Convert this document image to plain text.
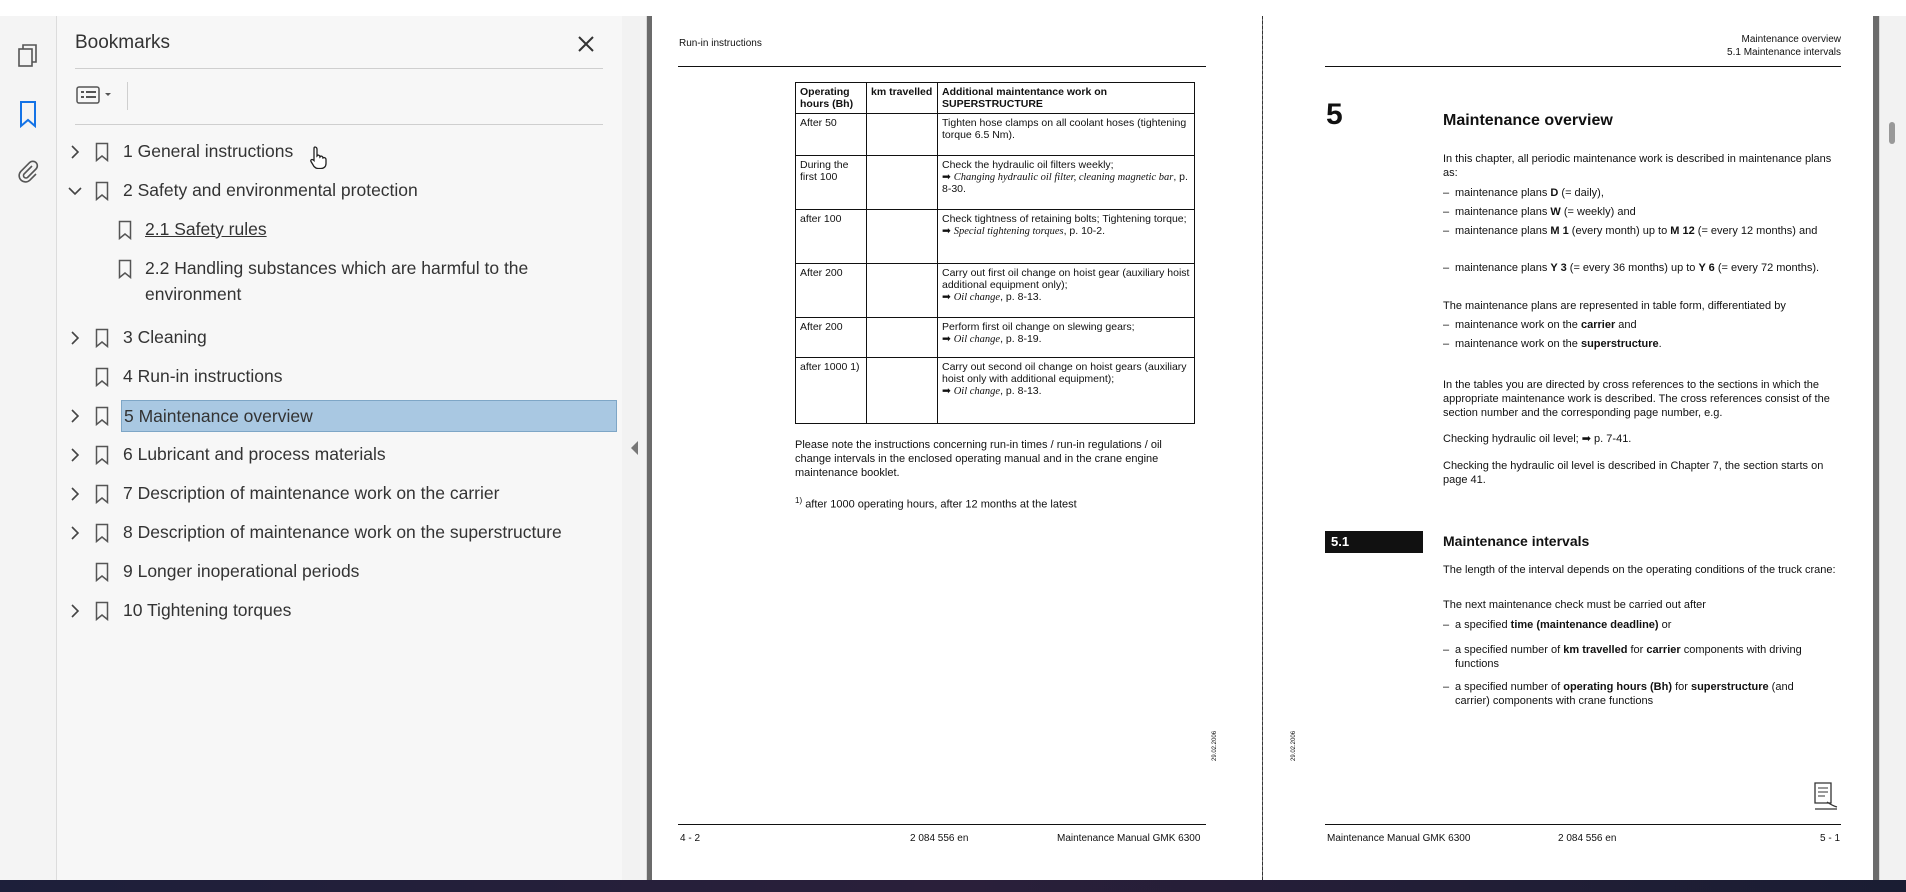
Bookmarks
1 General instructions
2 Safety and environmental protection
2.1 Safety rules
2.2 Handling substances which are harmful to the
environment
3 Cleaning
4 Run-in instructions
5 Maintenance overview
6 Lubricant and process materials
7 Description of maintenance work on the carrier
8 Description of maintenance work on the superstructure
9 Longer inoperational periods
10 Tightening torques
Run-in instructions
Operating hours (Bh)	km travelled	Additional maintentance work on SUPERSTRUCTURE
After 50		Tighten hose clamps on all coolant hoses (tightening torque 6.5 Nm).
During the first 100		Check the hydraulic oil filters weekly;
➡ Changing hydraulic oil filter, cleaning magnetic bar, p. 8-30.
after 100		Check tightness of retaining bolts; Tightening torque; ➡ Special tightening torques, p. 10-2.
After 200		Carry out first oil change on hoist gear (auxiliary hoist additional equipment only);
➡ Oil change, p. 8-13.
After 200		Perform first oil change on slewing gears;
➡ Oil change, p. 8-19.
after 1000 1)		Carry out second oil change on hoist gears (auxiliary hoist only with additional equipment);
➡ Oil change, p. 8-13.
Please note the instructions concerning run-in times / run-in regulations / oil change intervals in the enclosed operating manual and in the crane engine maintenance booklet.
$^{1)}$ after 1000 operating hours, after 12 months at the latest
29.02.2006
4 - 2	2 084 556 en	Maintenance Manual GMK 6300
Maintenance overview
5.1 Maintenance intervals
5	Maintenance overview
In this chapter, all periodic maintenance work is described in maintenance plans as:
– maintenance plans D (= daily),
– maintenance plans W (= weekly) and
– maintenance plans M 1 (every month) up to M 12 (= every 12 months) and
– maintenance plans Y 3 (= every 36 months) up to Y 6 (= every 72 months).
The maintenance plans are represented in table form, differentiated by
– maintenance work on the carrier and
– maintenance work on the superstructure.
In the tables you are directed by cross references to the sections in which the appropriate maintenance work is described. The cross references consist of the section number and the corresponding page number, e.g.
Checking hydraulic oil level; ➡ p. 7-41.
Checking the hydraulic oil level is described in Chapter 7, the section starts on page 41.
5.1	Maintenance intervals
The length of the interval depends on the operating conditions of the truck crane:
The next maintenance check must be carried out after
– a specified time (maintenance deadline) or
– a specified number of km travelled for carrier components with driving functions
– a specified number of operating hours (Bh) for superstructure (and carrier) components with crane functions
29.02.2006
Maintenance Manual GMK 6300	2 084 556 en	5 - 1
